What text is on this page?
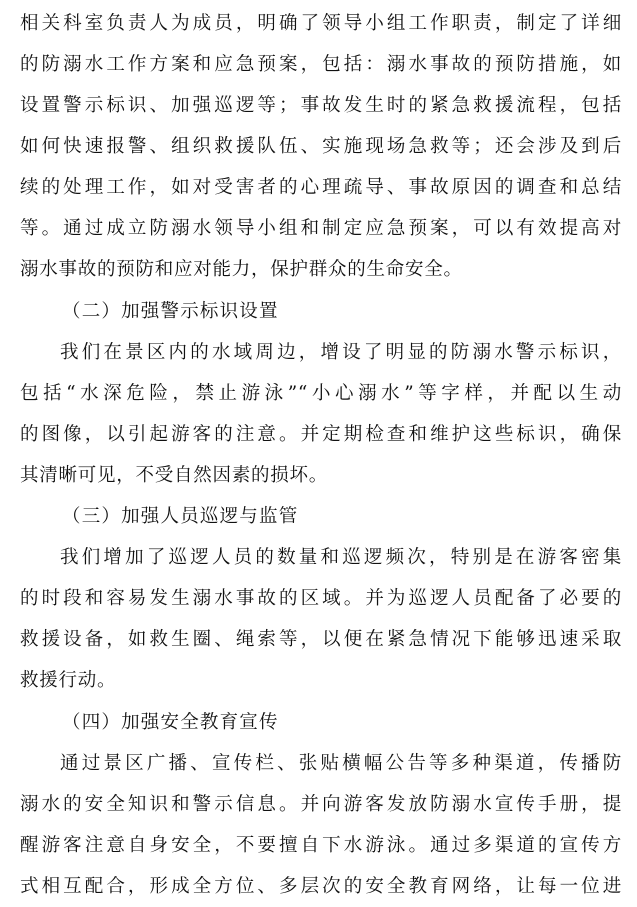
相关科室负责人为成员，明确了领导小组工作职责，制定了详细
的防溺水工作方案和应急预案，包括：溺水事故的预防措施，如
设置警示标识、加强巡逻等；事故发生时的紧急救援流程，包括
如何快速报警、组织救援队伍、实施现场急救等；还会涉及到后
续的处理工作，如对受害者的心理疏导、事故原因的调查和总结
等。通过成立防溺水领导小组和制定应急预案，可以有效提高对
溺水事故的预防和应对能力，保护群众的生命安全。
（二）加强警示标识设置
我们在景区内的水域周边，增设了明显的防溺水警示标识，
包括“水深危险，禁止游泳”“小心溺水”等字样，并配以生动
的图像，以引起游客的注意。并定期检查和维护这些标识，确保
其清晰可见，不受自然因素的损坏。
（三）加强人员巡逻与监管
我们增加了巡逻人员的数量和巡逻频次，特别是在游客密集
的时段和容易发生溺水事故的区域。并为巡逻人员配备了必要的
救援设备，如救生圈、绳索等，以便在紧急情况下能够迅速采取
救援行动。
（四）加强安全教育宣传
通过景区广播、宣传栏、张贴横幅公告等多种渠道，传播防
溺水的安全知识和警示信息。并向游客发放防溺水宣传手册，提
醒游客注意自身安全，不要擅自下水游泳。通过多渠道的宣传方
式相互配合，形成全方位、多层次的安全教育网络，让每一位进
